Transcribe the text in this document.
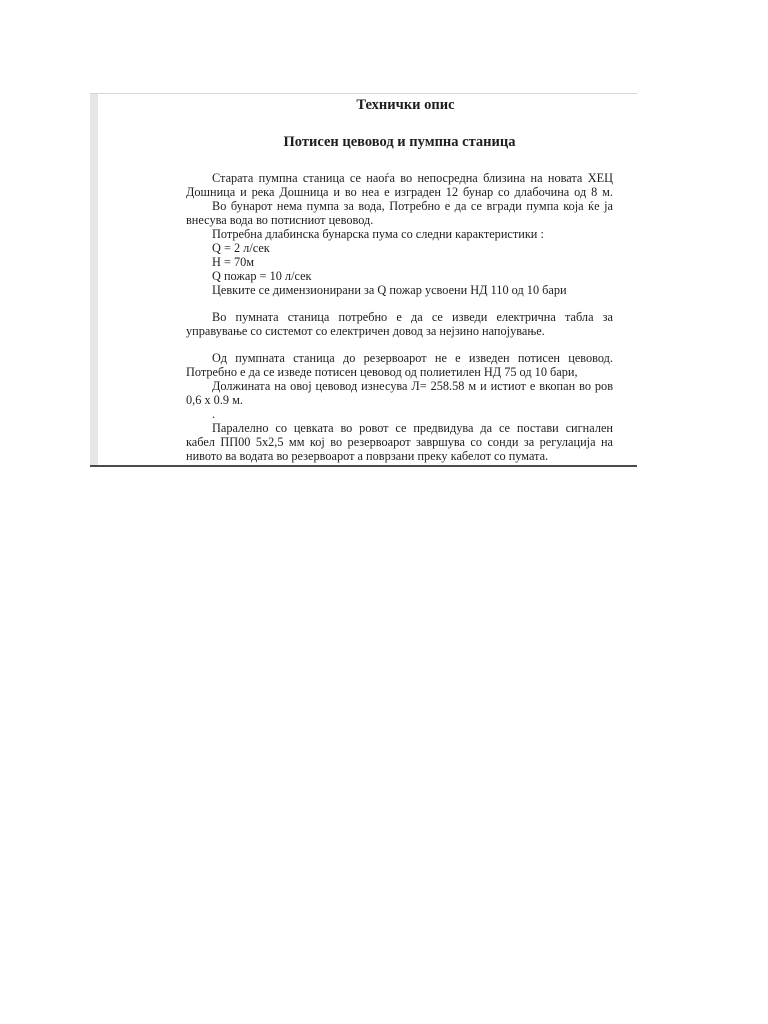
Технички опис
Потисен цевовод и пумпна станица
Старата пумпна станица се наоѓа во непосредна близина на новата ХЕЦ
Дошница и река Дошница и во неа е изграден 12 бунар со длабочина од 8 м.
Во бунарот нема пумпа за вода, Потребно е да се вгради пумпа која ќе ја
внесува вода во потисниот цевовод.
Потребна длабинска бунарска пума со следни карактеристики :
Q = 2 л/сек
H = 70м
Q пожар = 10 л/сек
Цевките се димензионирани за Q пожар усвоени НД 110 од 10 бари
Во пумната станица потребно е да се изведи електрична табла за
управување со системот со електричен довод за нејзино напојување.
Од пумпната станица до резервоарот не е изведен потисен цевовод.
Потребно е да се изведе потисен цевовод од полиетилен НД 75 од 10 бари,
Должината на овој цевовод изнесува Л= 258.58 м и истиот е вкопан во ров
0,6 х 0.9 м.
.
Паралелно со цевката во ровот се предвидува да се постави сигнален
кабел ПП00 5х2,5 мм кој во резервоарот завршува со сонди за регулација на
нивото ва водата во резервоарот а поврзани преку кабелот со пумата.
